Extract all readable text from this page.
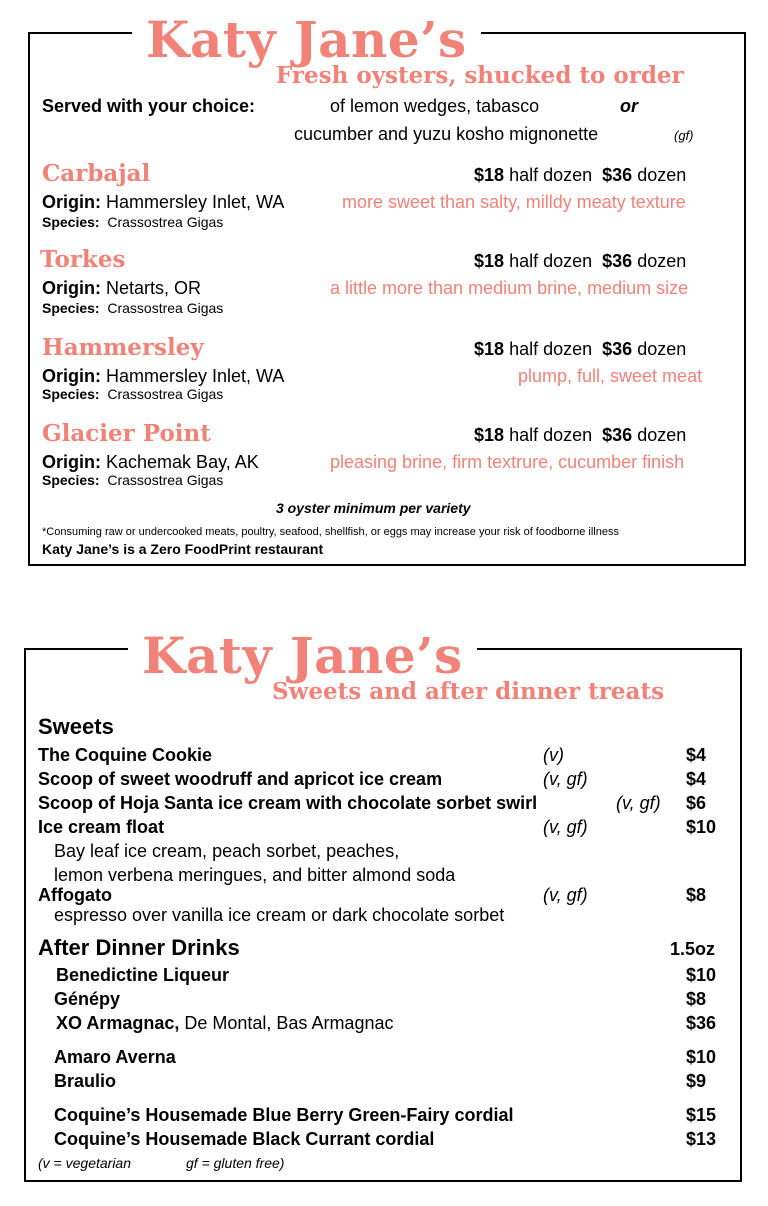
Katy Jane’s
Fresh oysters, shucked to order
Served with your choice:	of lemon wedges, tabasco	or
cucumber and yuzu kosho mignonette	(gf)
Carbajal	$18 half dozen $36 dozen
Origin: Hammersley Inlet, WA	more sweet than salty, milldy meaty texture
Species: Crassostrea Gigas
Torkes	$18 half dozen $36 dozen
Origin: Netarts, OR	a little more than medium brine, medium size
Species: Crassostrea Gigas
Hammersley	$18 half dozen $36 dozen
Origin: Hammersley Inlet, WA	plump, full, sweet meat
Species: Crassostrea Gigas
Glacier Point	$18 half dozen $36 dozen
Origin: Kachemak Bay, AK	pleasing brine, firm textrure, cucumber finish
Species: Crassostrea Gigas
3 oyster minimum per variety
*Consuming raw or undercooked meats, poultry, seafood, shellfish, or eggs may increase your risk of foodborne illness
Katy Jane’s is a Zero FoodPrint restaurant
Katy Jane’s
Sweets and after dinner treats
Sweets
The Coquine Cookie	(v)	$4
Scoop of sweet woodruff and apricot ice cream	(v, gf)	$4
Scoop of Hoja Santa ice cream with chocolate sorbet swirl	(v, gf) $6
Ice cream float	(v, gf)	$10
Bay leaf ice cream, peach sorbet, peaches,
lemon verbena meringues, and bitter almond soda
Affogato	(v, gf)	$8
espresso over vanilla ice cream or dark chocolate sorbet
After Dinner Drinks	1.5oz
Benedictine Liqueur	$10
Génépy	$8
XO Armagnac, De Montal, Bas Armagnac	$36
Amaro Averna	$10
Braulio	$9
Coquine’s Housemade Blue Berry Green-Fairy cordial	$15
Coquine’s Housemade Black Currant cordial	$13
(v = vegetarian	gf = gluten free)
